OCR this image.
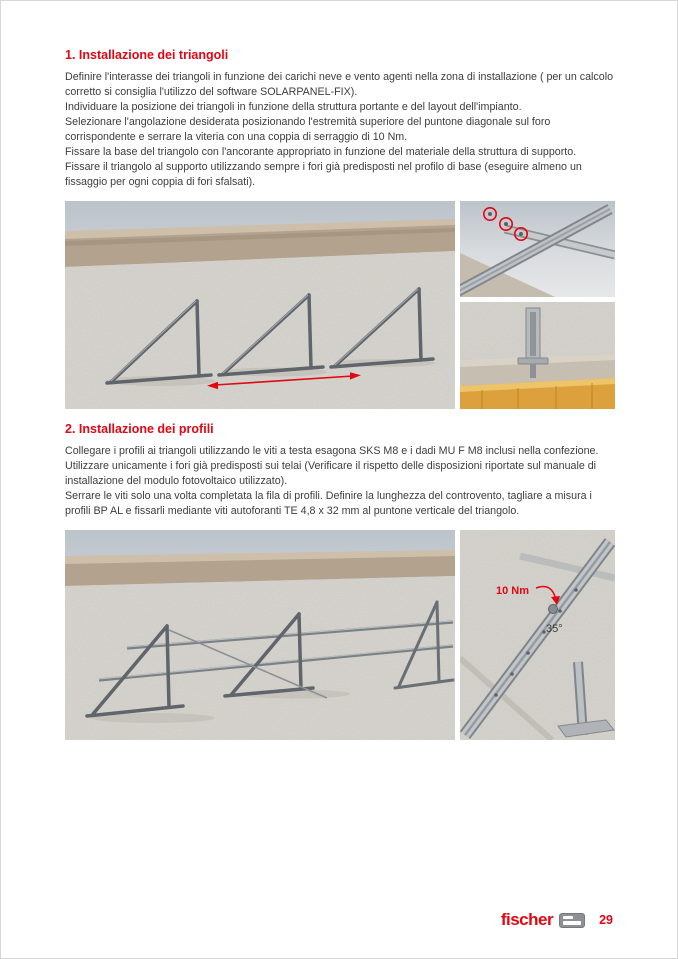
1. Installazione dei triangoli

Definire l'interasse dei triangoli in funzione dei carichi neve e vento agenti nella zona di installazione ( per un calcolo corretto si consiglia l'utilizzo del software SOLARPANEL-FIX).

Individuare la posizione dei triangoli in funzione della struttura portante e del layout dell'impianto.

Selezionare l'angolazione desiderata posizionando l'estremità superiore del puntone diagonale sul foro corrispondente e serrare la viteria con una coppia di serraggio di 10 Nm.

Fissare la base del triangolo con l'ancorante appropriato in funzione del materiale della struttura di supporto.

Fissare il triangolo al supporto utilizzando sempre i fori già predisposti nel profilo di base (eseguire almeno un fissaggio per ogni coppia di fori sfalsati).

2. Installazione dei profili

Collegare i profili ai triangoli utilizzando le viti a testa esagona SKS M8 e i dadi MU F M8 inclusi nella confezione. Utilizzare unicamente i fori già predisposti sui telai (Verificare il rispetto delle disposizioni riportate sul manuale di installazione del modulo fotovoltaico utilizzato).

Serrare le viti solo una volta completata la fila di profili. Definire la lunghezza del controvento, tagliare a misura i profili BP AL e fissarli mediante viti autoforanti TE 4,8 x 32 mm al puntone verticale del triangolo.

10 Nm
35°
fischer	29
